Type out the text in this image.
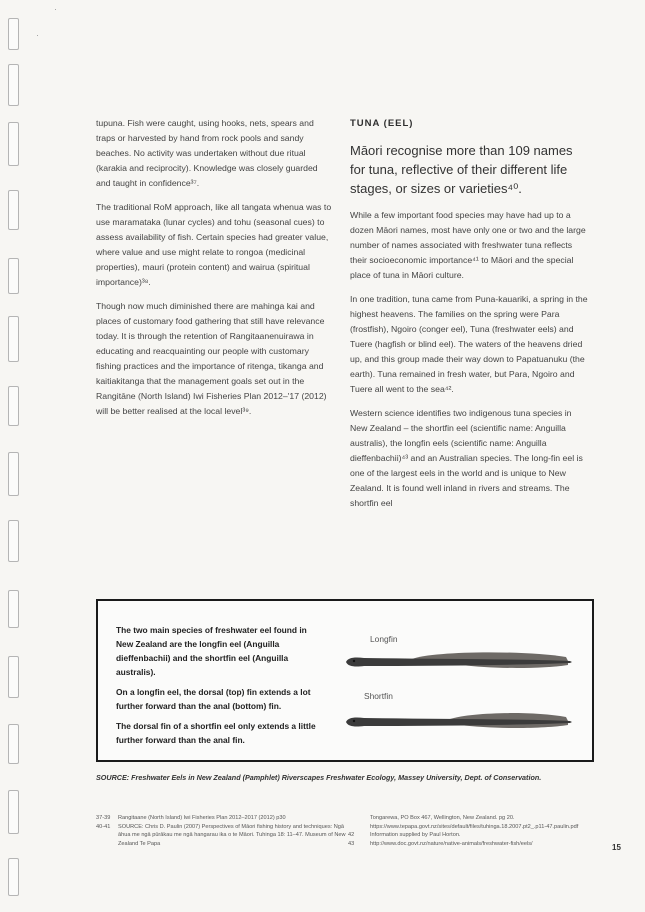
·
·

tupuna. Fish were caught, using hooks, nets, spears and traps or harvested by hand from rock pools and sandy beaches. No activity was undertaken without due ritual (karakia and reciprocity). Knowledge was closely guarded and taught in confidence³⁷.

The traditional RoM approach, like all tangata whenua was to use maramataka (lunar cycles) and tohu (seasonal cues) to assess availability of fish. Certain species had greater value, where value and use might relate to rongoa (medicinal properties), mauri (protein content) and wairua (spiritual importance)³⁸.

Though now much diminished there are mahinga kai and places of customary food gathering that still have relevance today. It is through the retention of Rangitaanenuirawa in educating and reacquainting our people with customary fishing practices and the importance of ritenga, tikanga and kaitiakitanga that the management goals set out in the Rangitāne (North Island) Iwi Fisheries Plan 2012–'17 (2012) will be better realised at the local level³⁹.

TUNA (EEL)
Māori recognise more than 109 names for tuna, reflective of their different life stages, or sizes or varieties⁴⁰.

While a few important food species may have had up to a dozen Māori names, most have only one or two and the large number of names associated with freshwater tuna reflects their socioeconomic importance⁴¹ to Māori and the special place of tuna in Māori culture.

In one tradition, tuna came from Puna-kauariki, a spring in the highest heavens. The families on the spring were Para (frostfish), Ngoiro (conger eel), Tuna (freshwater eels) and Tuere (hagfish or blind eel). The waters of the heavens dried up, and this group made their way down to Papatuanuku (the earth). Tuna remained in fresh water, but Para, Ngoiro and Tuere all went to the sea⁴².

Western science identifies two indigenous tuna species in New Zealand – the shortfin eel (scientific name: Anguilla australis), the longfin eels (scientific name: Anguilla dieffenbachii)⁴³ and an Australian species. The long-fin eel is one of the largest eels in the world and is unique to New Zealand. It is found well inland in rivers and streams. The shortfin eel

The two main species of freshwater eel found in New Zealand are the longfin eel (Anguilla dieffenbachii) and the shortfin eel (Anguilla australis).

On a longfin eel, the dorsal (top) fin extends a lot further forward than the anal (bottom) fin.

The dorsal fin of a shortfin eel only extends a little further forward than the anal fin.

Longfin
Shortfin
SOURCE: Freshwater Eels in New Zealand (Pamphlet) Riverscapes Freshwater Ecology, Massey University, Dept. of Conservation.
37-39	Rangitaane (North Island) Iwi Fisheries Plan 2012–2017 (2012) p30
40-41	SOURCE: Chris D. Paulin (2007) Perspectives of Māori fishing history and techniques: Ngā āhua me ngā pūrākau me ngā hangarau ika o te Māori. Tuhinga 18: 11–47. Museum of New Zealand Te Papa
Tongarewa, PO Box 467, Wellington, New Zealand. pg 20. https://www.tepapa.govt.nz/sites/default/files/tuhinga.18.2007.pt2_.p11-47.paulin.pdf
42	Information supplied by Paul Horton.
43	http://www.doc.govt.nz/nature/native-animals/freshwater-fish/eels/	15
